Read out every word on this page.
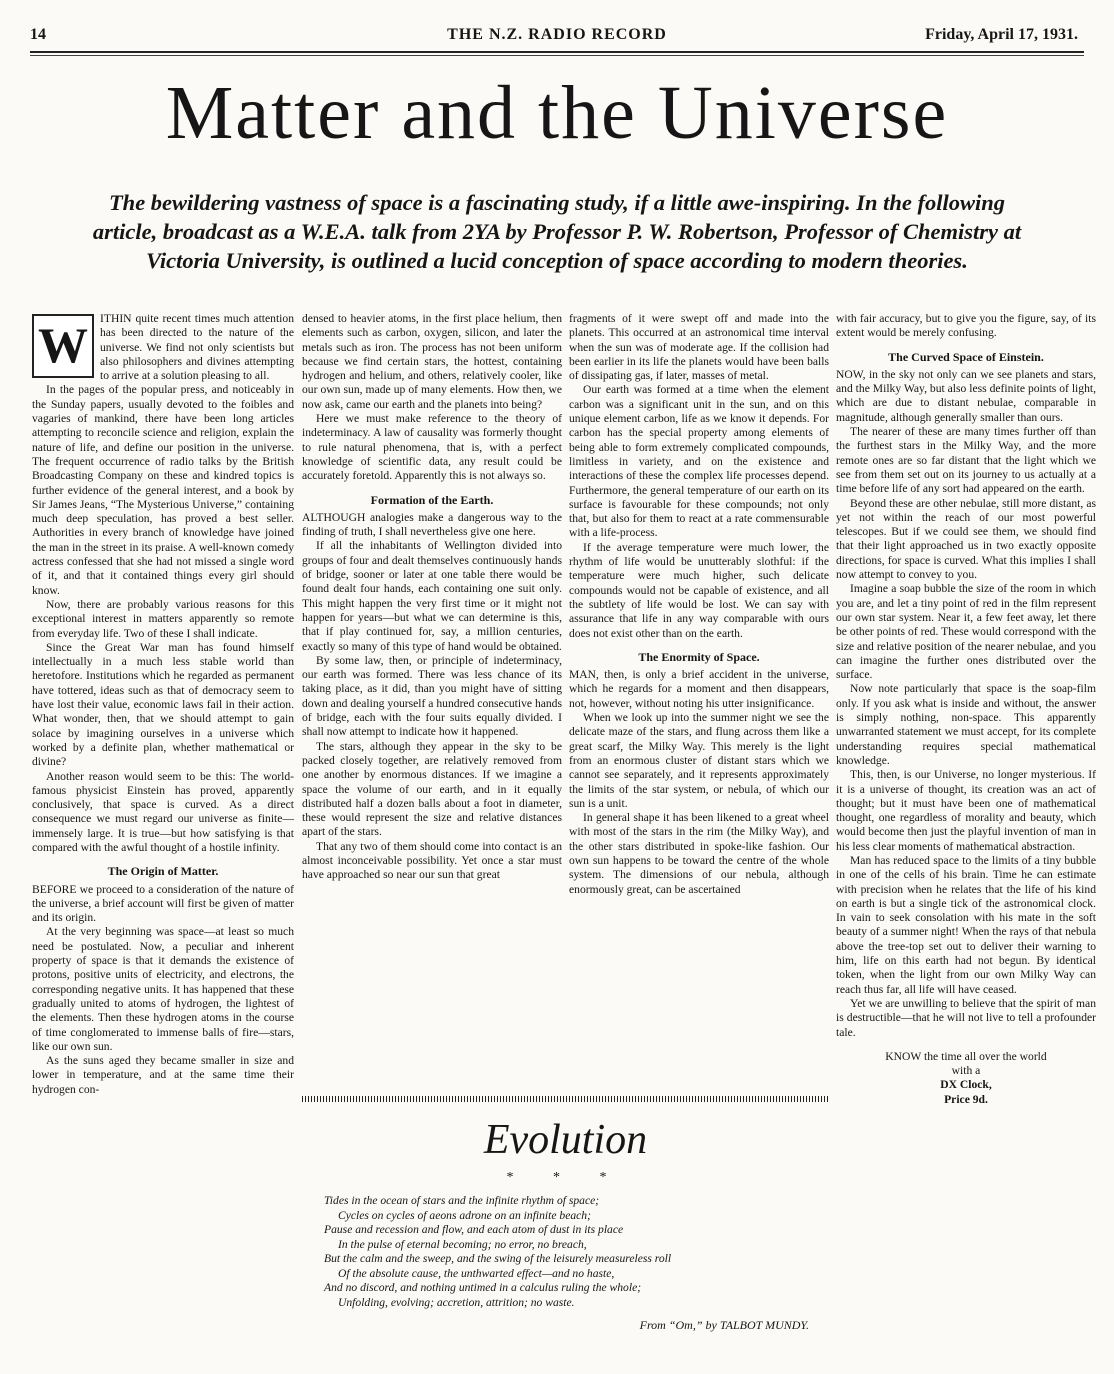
14	THE N.Z. RADIO RECORD	Friday, April 17, 1931.
Matter and the Universe

The bewildering vastness of space is a fascinating study, if a little awe-inspiring. In the following article, broadcast as a W.E.A. talk from 2YA by Professor P. W. Robertson, Professor of Chemistry at Victoria University, is outlined a lucid conception of space according to modern theories.

W	ITHIN quite recent times much attention has been directed to the nature of the universe. We find not only scientists but also philosophers and divines attempting to arrive at a solution pleasing to all.

In the pages of the popular press, and noticeably in the Sunday papers, usually devoted to the foibles and vagaries of mankind, there have been long articles attempting to reconcile science and religion, explain the nature of life, and define our position in the universe. The frequent occurrence of radio talks by the British Broadcasting Company on these and kindred topics is further evidence of the general interest, and a book by Sir James Jeans, “The Mysterious Universe,” containing much deep speculation, has proved a best seller. Authorities in every branch of knowledge have joined the man in the street in its praise. A well-known comedy actress confessed that she had not missed a single word of it, and that it contained things every girl should know.

Now, there are probably various reasons for this exceptional interest in matters apparently so remote from everyday life. Two of these I shall indicate.

Since the Great War man has found himself intellectually in a much less stable world than heretofore. Institutions which he regarded as permanent have tottered, ideas such as that of democracy seem to have lost their value, economic laws fail in their action. What wonder, then, that we should attempt to gain solace by imagining ourselves in a universe which worked by a definite plan, whether mathematical or divine?

Another reason would seem to be this: The world-famous physicist Einstein has proved, apparently conclusively, that space is curved. As a direct consequence we must regard our universe as finite—immensely large. It is true—but how satisfying is that compared with the awful thought of a hostile infinity.

The Origin of Matter.

BEFORE we proceed to a consideration of the nature of the universe, a brief account will first be given of matter and its origin.

At the very beginning was space—at least so much need be postulated. Now, a peculiar and inherent property of space is that it demands the existence of protons, positive units of electricity, and electrons, the corresponding negative units. It has happened that these gradually united to atoms of hydrogen, the lightest of the elements. Then these hydrogen atoms in the course of time conglomerated to immense balls of fire—stars, like our own sun.

As the suns aged they became smaller in size and lower in temperature, and at the same time their hydrogen con-

densed to heavier atoms, in the first place helium, then elements such as carbon, oxygen, silicon, and later the metals such as iron. The process has not been uniform because we find certain stars, the hottest, containing hydrogen and helium, and others, relatively cooler, like our own sun, made up of many elements. How then, we now ask, came our earth and the planets into being?

Here we must make reference to the theory of indeterminacy. A law of causality was formerly thought to rule natural phenomena, that is, with a perfect knowledge of scientific data, any result could be accurately foretold. Apparently this is not always so.

Formation of the Earth.

ALTHOUGH analogies make a dangerous way to the finding of truth, I shall nevertheless give one here.

If all the inhabitants of Wellington divided into groups of four and dealt themselves continuously hands of bridge, sooner or later at one table there would be found dealt four hands, each containing one suit only. This might happen the very first time or it might not happen for years—but what we can determine is this, that if play continued for, say, a million centuries, exactly so many of this type of hand would be obtained.

By some law, then, or principle of indeterminacy, our earth was formed. There was less chance of its taking place, as it did, than you might have of sitting down and dealing yourself a hundred consecutive hands of bridge, each with the four suits equally divided. I shall now attempt to indicate how it happened.

The stars, although they appear in the sky to be packed closely together, are relatively removed from one another by enormous distances. If we imagine a space the volume of our earth, and in it equally distributed half a dozen balls about a foot in diameter, these would represent the size and relative distances apart of the stars.

That any two of them should come into contact is an almost inconceivable possibility. Yet once a star must have approached so near our sun that great

fragments of it were swept off and made into the planets. This occurred at an astronomical time interval when the sun was of moderate age. If the collision had been earlier in its life the planets would have been balls of dissipating gas, if later, masses of metal.

Our earth was formed at a time when the element carbon was a significant unit in the sun, and on this unique element carbon, life as we know it depends. For carbon has the special property among elements of being able to form extremely complicated compounds, limitless in variety, and on the existence and interactions of these the complex life processes depend. Furthermore, the general temperature of our earth on its surface is favourable for these compounds; not only that, but also for them to react at a rate commensurable with a life-process.

If the average temperature were much lower, the rhythm of life would be unutterably slothful: if the temperature were much higher, such delicate compounds would not be capable of existence, and all the subtlety of life would be lost. We can say with assurance that life in any way comparable with ours does not exist other than on the earth.

The Enormity of Space.

MAN, then, is only a brief accident in the universe, which he regards for a moment and then disappears, not, however, without noting his utter insignificance.

When we look up into the summer night we see the delicate maze of the stars, and flung across them like a great scarf, the Milky Way. This merely is the light from an enormous cluster of distant stars which we cannot see separately, and it represents approximately the limits of the star system, or nebula, of which our sun is a unit.

In general shape it has been likened to a great wheel with most of the stars in the rim (the Milky Way), and the other stars distributed in spoke-like fashion. Our own sun happens to be toward the centre of the whole system. The dimensions of our nebula, although enormously great, can be ascertained

with fair accuracy, but to give you the figure, say, of its extent would be merely confusing.

The Curved Space of Einstein.

NOW, in the sky not only can we see planets and stars, and the Milky Way, but also less definite points of light, which are due to distant nebulae, comparable in magnitude, although generally smaller than ours.

The nearer of these are many times further off than the furthest stars in the Milky Way, and the more remote ones are so far distant that the light which we see from them set out on its journey to us actually at a time before life of any sort had appeared on the earth.

Beyond these are other nebulae, still more distant, as yet not within the reach of our most powerful telescopes. But if we could see them, we should find that their light approached us in two exactly opposite directions, for space is curved. What this implies I shall now attempt to convey to you.

Imagine a soap bubble the size of the room in which you are, and let a tiny point of red in the film represent our own star system. Near it, a few feet away, let there be other points of red. These would correspond with the size and relative position of the nearer nebulae, and you can imagine the further ones distributed over the surface.

Now note particularly that space is the soap-film only. If you ask what is inside and without, the answer is simply nothing, non-space. This apparently unwarranted statement we must accept, for its complete understanding requires special mathematical knowledge.

This, then, is our Universe, no longer mysterious. If it is a universe of thought, its creation was an act of thought; but it must have been one of mathematical thought, one regardless of morality and beauty, which would become then just the playful invention of man in his less clear moments of mathematical abstraction.

Man has reduced space to the limits of a tiny bubble in one of the cells of his brain. Time he can estimate with precision when he relates that the life of his kind on earth is but a single tick of the astronomical clock. In vain to seek consolation with his mate in the soft beauty of a summer night! When the rays of that nebula above the tree-top set out to deliver their warning to him, life on this earth had not begun. By identical token, when the light from our own Milky Way can reach thus far, all life will have ceased.

Yet we are unwilling to believe that the spirit of man is destructible—that he will not live to tell a profounder tale.

KNOW the time all over the world
with a
DX Clock,
Price 9d.
Evolution
* * *
Tides in the ocean of stars and the infinite rhythm of space;
Cycles on cycles of aeons adrone on an infinite beach;
Pause and recession and flow, and each atom of dust in its place
In the pulse of eternal becoming; no error, no breach,
But the calm and the sweep, and the swing of the leisurely measureless roll
Of the absolute cause, the unthwarted effect—and no haste,
And no discord, and nothing untimed in a calculus ruling the whole;
Unfolding, evolving; accretion, attrition; no waste.
From “Om,” by TALBOT MUNDY.
